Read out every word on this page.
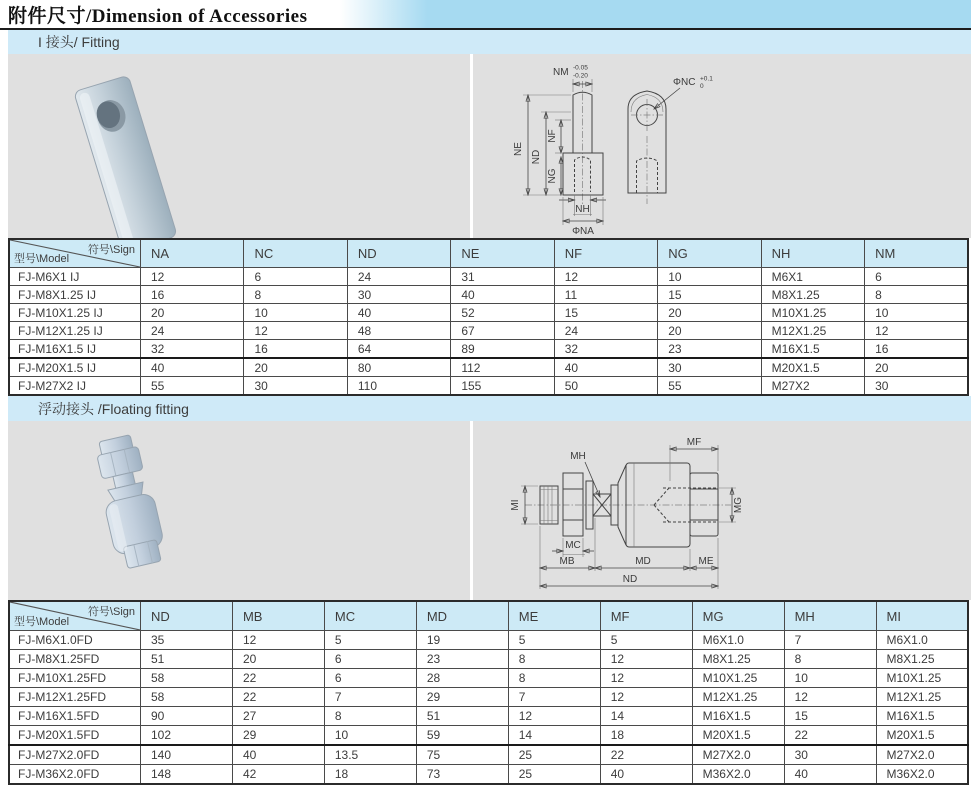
附件尺寸/Dimension of Accessories
I 接头/ Fitting
NM -0.05
-0.20
NE
ND
NF
NG
NH
ΦNA
ΦNC +0.1
0
符号\Sign
型号\Model	NA	NC	ND	NE	NF	NG	NH	NM
FJ-M6X1 IJ	12	6	24	31	12	10	M6X1	6
FJ-M8X1.25 IJ	16	8	30	40	11	15	M8X1.25	8
FJ-M10X1.25 IJ	20	10	40	52	15	20	M10X1.25	10
FJ-M12X1.25 IJ	24	12	48	67	24	20	M12X1.25	12
FJ-M16X1.5 IJ	32	16	64	89	32	23	M16X1.5	16
FJ-M20X1.5 IJ	40	20	80	112	40	30	M20X1.5	20
FJ-M27X2 IJ	55	30	110	155	50	55	M27X2	30
浮动接头 /Floating fitting
MH
MF
MI	MG
MC
MB	MD	ME
ND
符号\Sign
型号\Model	ND	MB	MC	MD	ME	MF	MG	MH	MI
FJ-M6X1.0FD	35	12	5	19	5	5	M6X1.0	7	M6X1.0
FJ-M8X1.25FD	51	20	6	23	8	12	M8X1.25	8	M8X1.25
FJ-M10X1.25FD	58	22	6	28	8	12	M10X1.25	10	M10X1.25
FJ-M12X1.25FD	58	22	7	29	7	12	M12X1.25	12	M12X1.25
FJ-M16X1.5FD	90	27	8	51	12	14	M16X1.5	15	M16X1.5
FJ-M20X1.5FD	102	29	10	59	14	18	M20X1.5	22	M20X1.5
FJ-M27X2.0FD	140	40	13.5	75	25	22	M27X2.0	30	M27X2.0
FJ-M36X2.0FD	148	42	18	73	25	40	M36X2.0	40	M36X2.0
